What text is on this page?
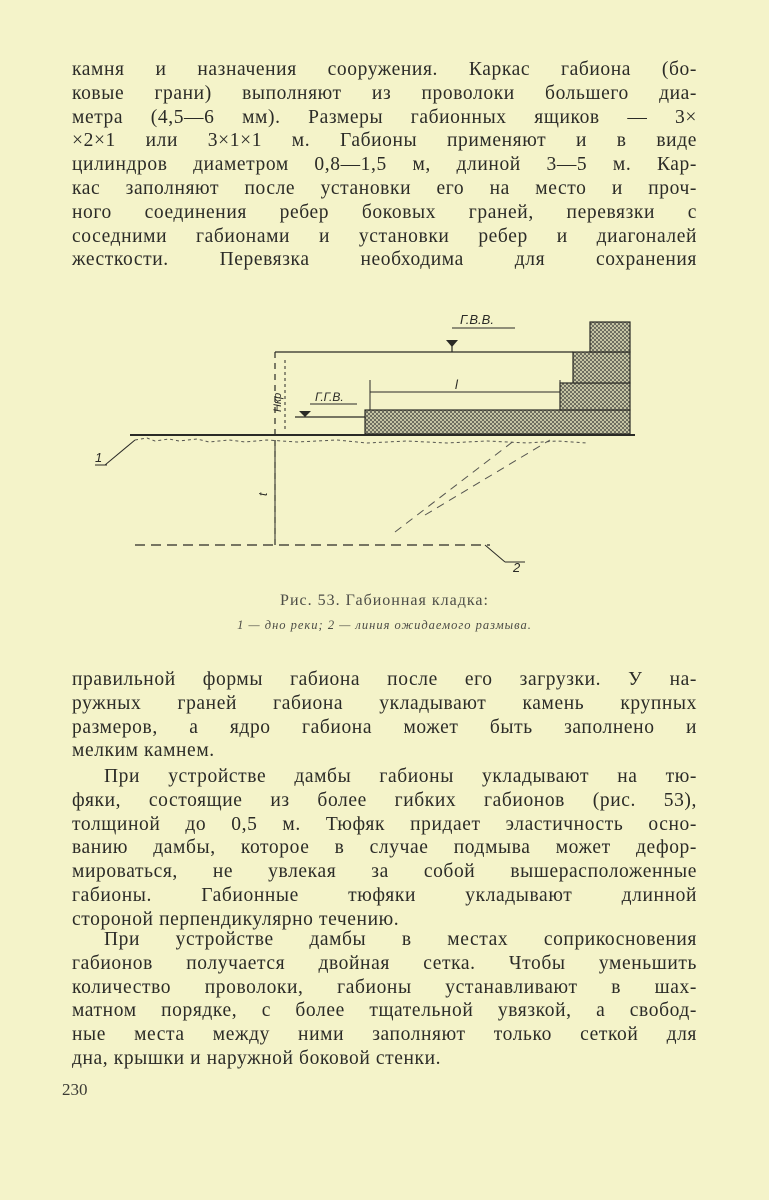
камня и назначения сооружения. Каркас габиона (бо-
ковые грани) выполняют из проволоки большего диа-
метра (4,5—6 мм). Размеры габионных ящиков — 3×
×2×1 или 3×1×1 м. Габионы применяют и в виде
цилиндров диаметром 0,8—1,5 м, длиной 3—5 м. Кар-
кас заполняют после установки его на место и проч-
ного соединения ребер боковых граней, перевязки с
соседними габионами и установки ребер и диагоналей
жесткости. Перевязка необходима для сохранения

Г.В.В.
Г.Г.В.
Hкр
l
t
2
1

Рис. 53. Габионная кладка:

1 — дно реки; 2 — линия ожидаемого размыва.

правильной формы габиона после его загрузки. У на-
ружных граней габиона укладывают камень крупных
размеров, а ядро габиона может быть заполнено и
мелким камнем.

При устройстве дамбы габионы укладывают на тю-
фяки, состоящие из более гибких габионов (рис. 53),
толщиной до 0,5 м. Тюфяк придает эластичность осно-
ванию дамбы, которое в случае подмыва может дефор-
мироваться, не увлекая за собой вышерасположенные
габионы. Габионные тюфяки укладывают длинной
стороной перпендикулярно течению.

При устройстве дамбы в местах соприкосновения
габионов получается двойная сетка. Чтобы уменьшить
количество проволоки, габионы устанавливают в шах-
матном порядке, с более тщательной увязкой, а свобод-
ные места между ними заполняют только сеткой для
дна, крышки и наружной боковой стенки.

230
